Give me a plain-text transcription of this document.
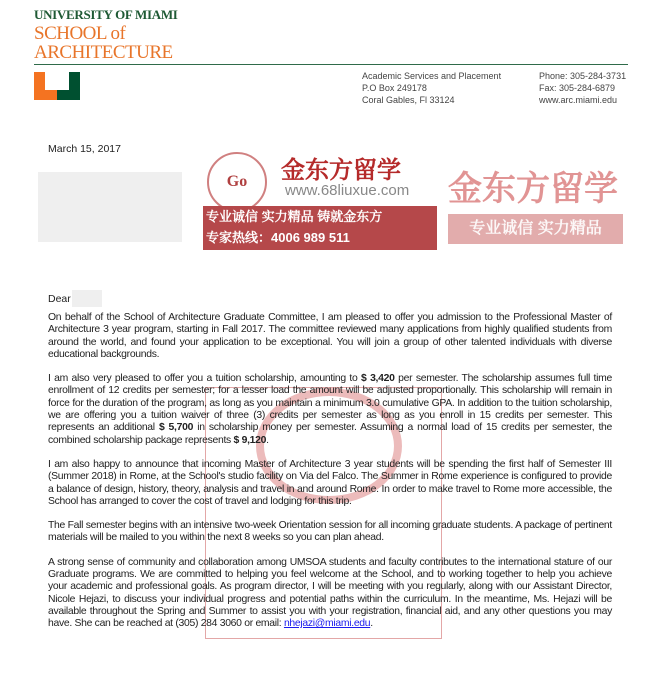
UNIVERSITY OF MIAMI
SCHOOL of
ARCHITECTURE
Academic Services and Placement
P.O Box 249178
Coral Gables, Fl 33124
Phone: 305-284-3731
Fax: 305-284-6879
www.arc.miami.edu
March 15, 2017
Dear

On behalf of the School of Architecture Graduate Committee, I am pleased to offer you admission to the Professional Master of Architecture 3 year program, starting in Fall 2017. The committee reviewed many applications from highly qualified students from around the world, and found your application to be exceptional. You will join a group of other talented individuals with diverse educational backgrounds.

I am also very pleased to offer you a tuition scholarship, amounting to $ 3,420 per semester. The scholarship assumes full time enrollment of 12 credits per semester; for a lesser load the amount will be adjusted proportionally. This scholarship will remain in force for the duration of the program, as long as you maintain a minimum 3.0 cumulative GPA. In addition to the tuition scholarship, we are offering you a tuition waiver of three (3) credits per semester as long as you enroll in 15 credits per semester. This represents an additional $ 5,700 in scholarship money per semester. Assuming a normal load of 15 credits per semester, the combined scholarship package represents $ 9,120.

I am also happy to announce that incoming Master of Architecture 3 year students will be spending the first half of Semester III (Summer 2018) in Rome, at the School's studio facility on Via del Falco. The Summer in Rome experience is configured to provide a balance of design, history, theory, analysis and travel in and around Rome. In order to make travel to Rome more accessible, the School has arranged to cover the cost of travel and lodging for this trip.

The Fall semester begins with an intensive two-week Orientation session for all incoming graduate students. A package of pertinent materials will be mailed to you within the next 8 weeks so you can plan ahead.

A strong sense of community and collaboration among UMSOA students and faculty contributes to the international stature of our Graduate programs. We are committed to helping you feel welcome at the School, and to working together to help you achieve your academic and professional goals. As program director, I will be meeting with you regularly, along with our Assistant Director, Nicole Hejazi, to discuss your individual progress and potential paths within the curriculum. In the meantime, Ms. Hejazi will be available throughout the Spring and Summer to assist you with your registration, financial aid, and any other questions you may have. She can be reached at (305) 284 3060 or email: nhejazi@miami.edu.

Go	金东方留学
www.68liuxue.com
专业诚信 实力精品 铸就金东方
专家热线：4006 989 511
金东方留学
专业诚信 实力精品
